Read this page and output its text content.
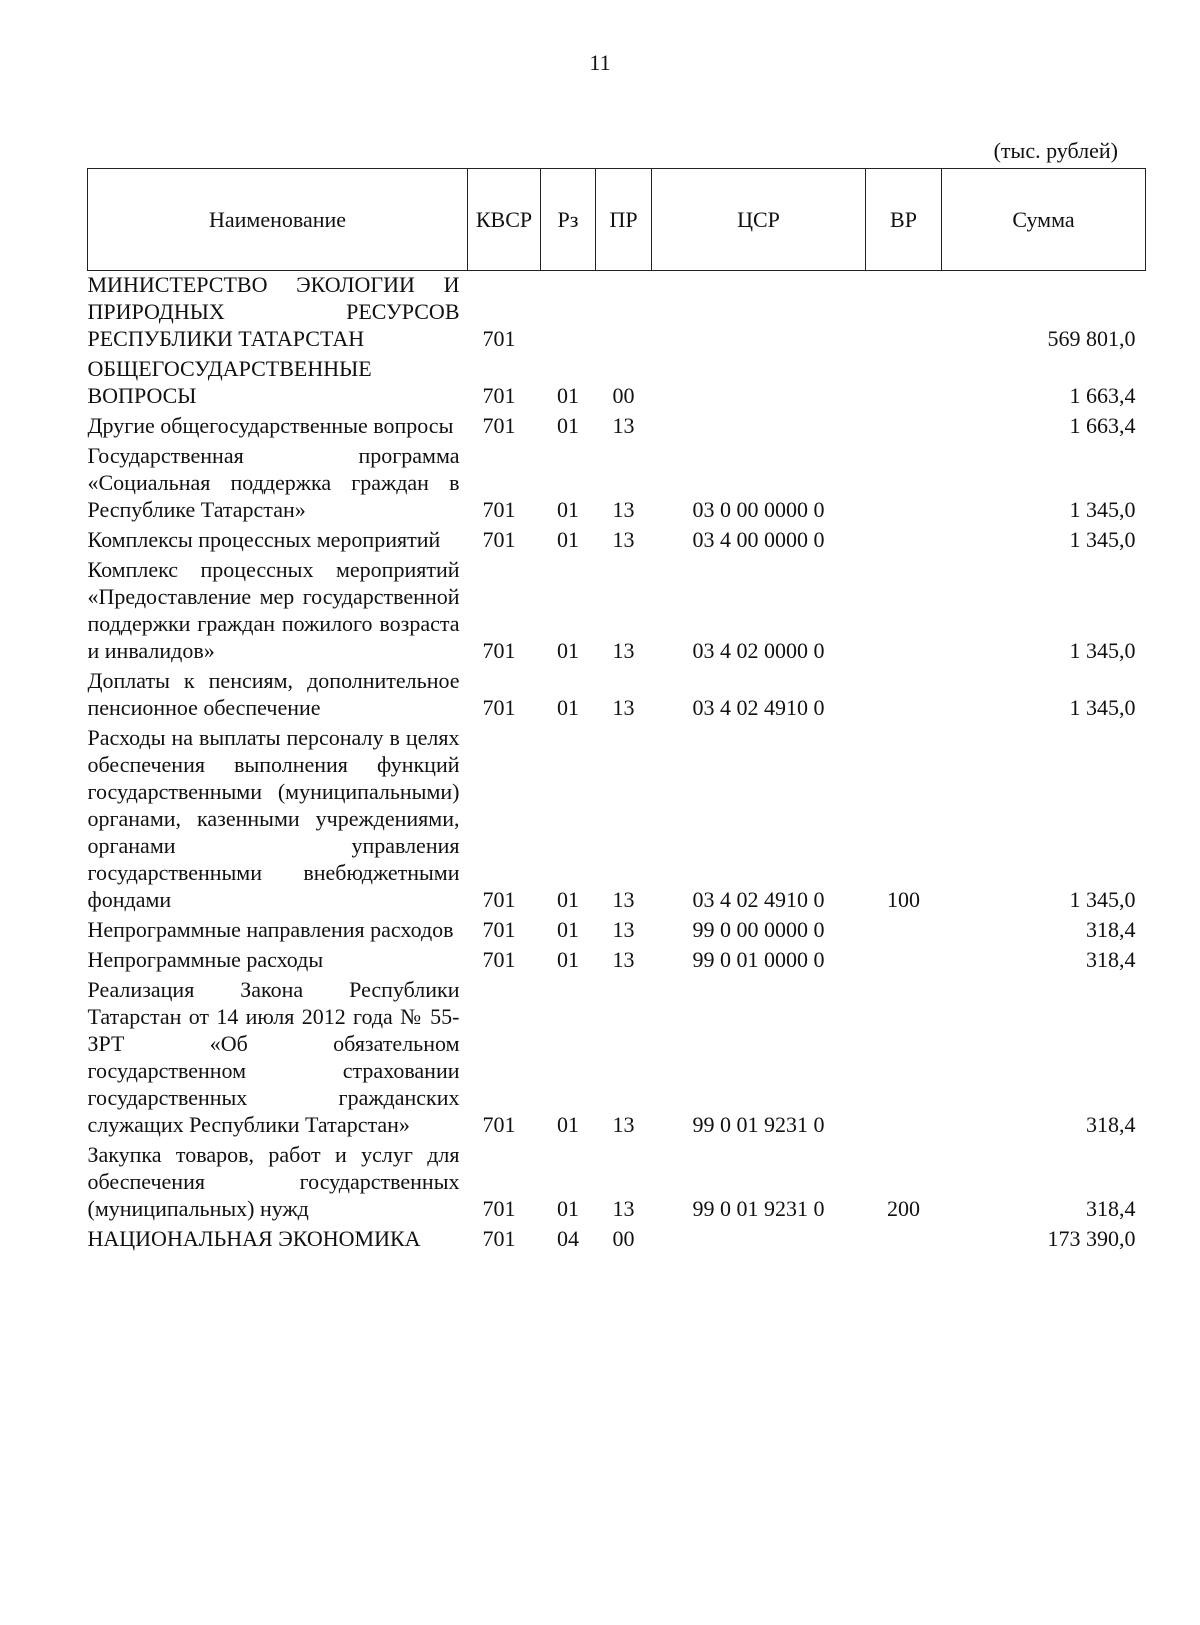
11
(тыс. рублей)
Наименование	КВСР	Рз	ПР	ЦСР	ВР	Сумма
МИНИСТЕРСТВО ЭКОЛОГИИ И ПРИРОДНЫХ РЕСУРСОВ РЕСПУБЛИКИ ТАТАРСТАН	701					569 801,0
ОБЩЕГОСУДАРСТВЕННЫЕ ВОПРОСЫ	701	01	00			1 663,4
Другие общегосударственные вопросы	701	01	13			1 663,4
Государственная программа «Социальная поддержка граждан в Республике Татарстан»	701	01	13	03 0 00 0000 0		1 345,0
Комплексы процессных мероприятий	701	01	13	03 4 00 0000 0		1 345,0
Комплекс процессных мероприятий «Предоставление мер государственной поддержки граждан пожилого возраста и инвалидов»	701	01	13	03 4 02 0000 0		1 345,0
Доплаты к пенсиям, дополнительное пенсионное обеспечение	701	01	13	03 4 02 4910 0		1 345,0
Расходы на выплаты персоналу в целях обеспечения выполнения функций государственными (муниципальными) органами, казенными учреждениями, органами управления государственными внебюджетными фондами	701	01	13	03 4 02 4910 0	100	1 345,0
Непрограммные направления расходов	701	01	13	99 0 00 0000 0		318,4
Непрограммные расходы	701	01	13	99 0 01 0000 0		318,4
Реализация Закона Республики Татарстан от 14 июля 2012 года № 55-ЗРТ «Об обязательном государственном страховании государственных гражданских служащих Республики Татарстан»	701	01	13	99 0 01 9231 0		318,4
Закупка товаров, работ и услуг для обеспечения государственных (муниципальных) нужд	701	01	13	99 0 01 9231 0	200	318,4
НАЦИОНАЛЬНАЯ ЭКОНОМИКА	701	04	00			173 390,0
